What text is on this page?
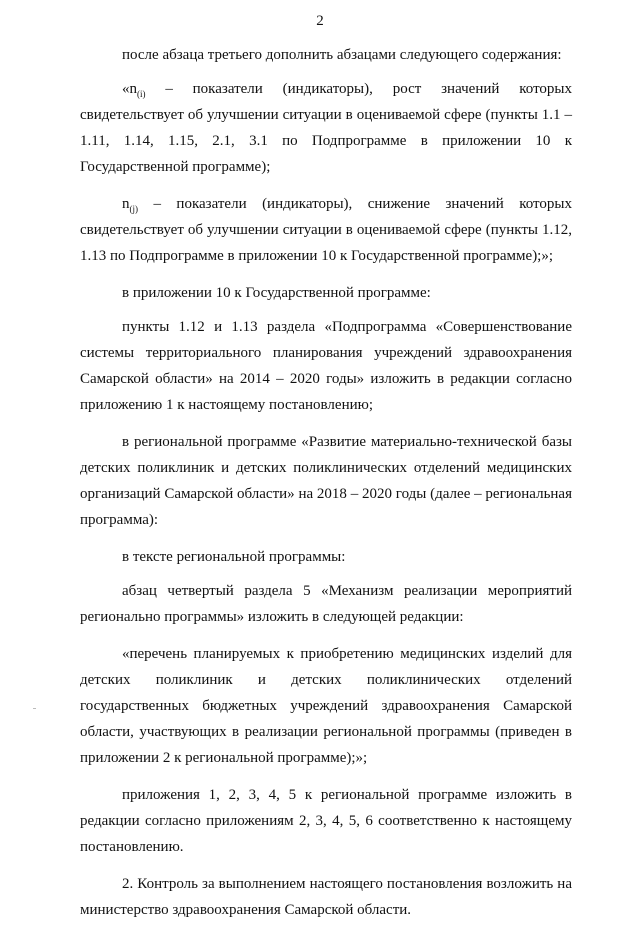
2

после абзаца третьего дополнить абзацами следующего содержания:

«$n_{(i)}$ – показатели (индикаторы), рост значений которых свидетельствует об улучшении ситуации в оцениваемой сфере (пункты 1.1 – 1.11, 1.14, 1.15, 2.1, 3.1 по Подпрограмме в приложении 10 к Государственной программе);

$n_{(j)}$ – показатели (индикаторы), снижение значений которых свидетельствует об улучшении ситуации в оцениваемой сфере (пункты 1.12, 1.13 по Подпрограмме в приложении 10 к Государственной программе);»;

в приложении 10 к Государственной программе:

пункты 1.12 и 1.13 раздела «Подпрограмма «Совершенствование системы территориального планирования учреждений здравоохранения Самарской области» на 2014 – 2020 годы» изложить в редакции согласно приложению 1 к настоящему постановлению;

в региональной программе «Развитие материально-технической базы детских поликлиник и детских поликлинических отделений медицинских организаций Самарской области» на 2018 – 2020 годы (далее – региональная программа):

в тексте региональной программы:

абзац четвертый раздела 5 «Механизм реализации мероприятий регионально программы» изложить в следующей редакции:

«перечень планируемых к приобретению медицинских изделий для детских поликлиник и детских поликлинических отделений государственных бюджетных учреждений здравоохранения Самарской области, участвующих в реализации региональной программы (приведен в приложении 2 к региональной программе);»;

приложения 1, 2, 3, 4, 5 к региональной программе изложить в редакции согласно приложениям 2, 3, 4, 5, 6 соответственно к настоящему постановлению.

2. Контроль за выполнением настоящего постановления возложить на министерство здравоохранения Самарской области.
